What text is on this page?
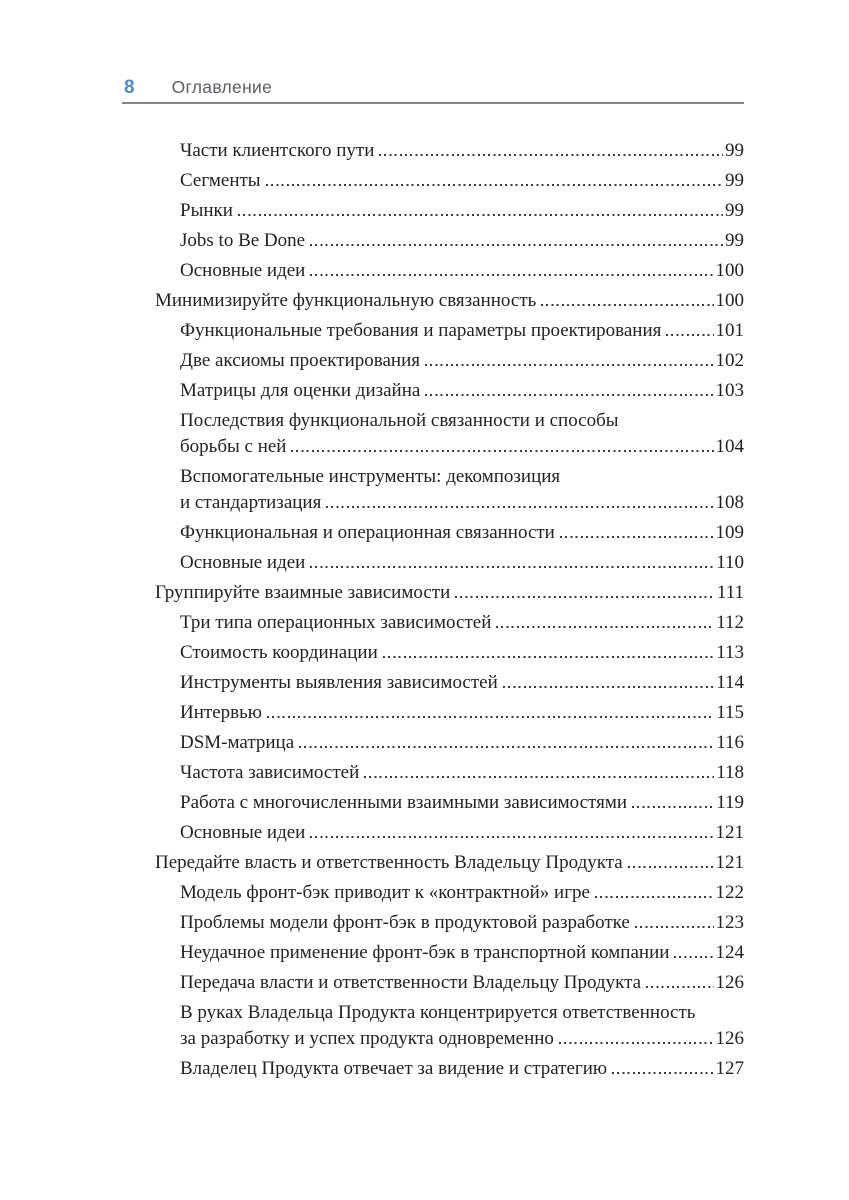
8 Оглавление
Части клиентского пути	99
Сегменты	99
Рынки	99
Jobs to Be Done	99
Основные идеи	100
Минимизируйте функциональную связанность	100
Функциональные требования и параметры проектирования	101
Две аксиомы проектирования	102
Матрицы для оценки дизайна	103
Последствия функциональной связанности и способы
борьбы с ней	104
Вспомогательные инструменты: декомпозиция
и стандартизация	108
Функциональная и операционная связанности	109
Основные идеи	110
Группируйте взаимные зависимости	111
Три типа операционных зависимостей	112
Стоимость координации	113
Инструменты выявления зависимостей	114
Интервью	115
DSM-матрица	116
Частота зависимостей	118
Работа с многочисленными взаимными зависимостями	119
Основные идеи	121
Передайте власть и ответственность Владельцу Продукта	121
Модель фронт-бэк приводит к «контрактной» игре	122
Проблемы модели фронт-бэк в продуктовой разработке	123
Неудачное применение фронт-бэк в транспортной компании 124
Передача власти и ответственности Владельцу Продукта	126
В руках Владельца Продукта концентрируется ответственность
за разработку и успех продукта одновременно	126
Владелец Продукта отвечает за видение и стратегию	127
